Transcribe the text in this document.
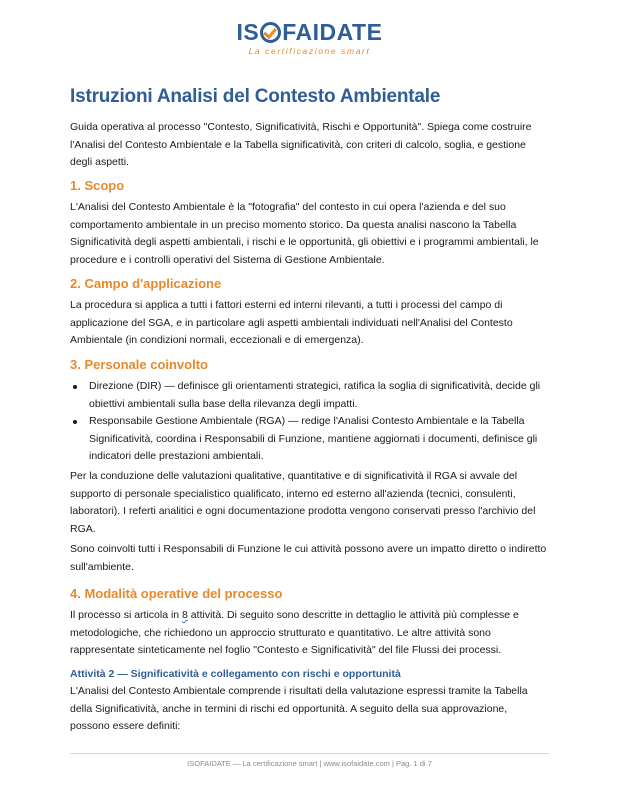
IS FAIDATE
La certificazione smart
Istruzioni Analisi del Contesto Ambientale

Guida operativa al processo "Contesto, Significatività, Rischi e Opportunità". Spiega come costruire l'Analisi del Contesto Ambientale e la Tabella significatività, con criteri di calcolo, soglia, e gestione degli aspetti.

1. Scopo

L'Analisi del Contesto Ambientale è la "fotografia" del contesto in cui opera l'azienda e del suo comportamento ambientale in un preciso momento storico. Da questa analisi nascono la Tabella Significatività degli aspetti ambientali, i rischi e le opportunità, gli obiettivi e i programmi ambientali, le procedure e i controlli operativi del Sistema di Gestione Ambientale.

2. Campo d'applicazione

La procedura si applica a tutti i fattori esterni ed interni rilevanti, a tutti i processi del campo di applicazione del SGA, e in particolare agli aspetti ambientali individuati nell'Analisi del Contesto Ambientale (in condizioni normali, eccezionali e di emergenza).

3. Personale coinvolto
Direzione (DIR) — definisce gli orientamenti strategici, ratifica la soglia di significatività, decide gli obiettivi ambientali sulla base della rilevanza degli impatti.
Responsabile Gestione Ambientale (RGA) — redige l'Analisi Contesto Ambientale e la Tabella Significatività, coordina i Responsabili di Funzione, mantiene aggiornati i documenti, definisce gli indicatori delle prestazioni ambientali.

Per la conduzione delle valutazioni qualitative, quantitative e di significatività il RGA si avvale del supporto di personale specialistico qualificato, interno ed esterno all'azienda (tecnici, consulenti, laboratori). I referti analitici e ogni documentazione prodotta vengono conservati presso l'archivio del RGA.

Sono coinvolti tutti i Responsabili di Funzione le cui attività possono avere un impatto diretto o indiretto sull'ambiente.

4. Modalità operative del processo

Il processo si articola in 8 attività. Di seguito sono descritte in dettaglio le attività più complesse e metodologiche, che richiedono un approccio strutturato e quantitativo. Le altre attività sono rappresentate sinteticamente nel foglio "Contesto e Significatività" del file Flussi dei processi.

Attività 2 — Significatività e collegamento con rischi e opportunità

L'Analisi del Contesto Ambientale comprende i risultati della valutazione espressi tramite la Tabella della Significatività, anche in termini di rischi ed opportunità. A seguito della sua approvazione, possono essere definiti:

ISOFAIDATE — La certificazione smart | www.isofaidate.com | Pag. 1 di 7
